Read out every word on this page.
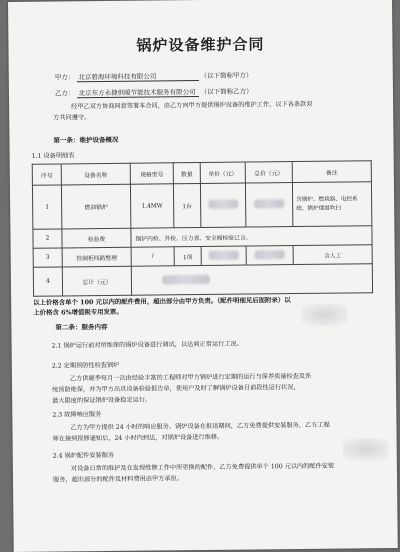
锅炉设备维护合同
甲方： 北京碧海环境科技有限公司	（以下简称甲方）
乙方： 北京东方永捷供暖节能技术服务有限公司 （以下简称乙方）
经甲乙双方协商同意签署本合同，由乙方向甲方提供锅炉设备的维护工作，以下各条款双
方共同遵守。
第一条：维护设备概况
1.1 设备明细表
序号	设备名称	规格型号	数量	单价（元）	总价（元）	备注
1	燃油锅炉	1.4MW	1台			含锅炉、燃烧器、电控系
统、锅炉烟道吹扫

2	检验费	锅炉内检、外检、压力表、安全阀检验已含。				
3	控制柜线路整理	/	1项			含人工
4	总计（元）					
以上价格含单个 100 元以内的配件费用，超出部分由甲方负责。（配件明细见后面附录）以
上价格含 6%增值税专用发票。
第二条：服务内容
2.1 锅炉运行前对所维保的锅炉设备进行调试，以达到正常运行工况。
2.2 定期预防性检查锅炉
乙方供暖季每月一次由经验丰富的工程师对甲方锅炉进行定期的运行与保养质量检查及系
统预防维保，并为甲方出具设备检验报告单，使用户及时了解锅炉设备目前段性运行状况，
最大限度的保证锅炉设备稳定运行。
2.3 故障响应服务
乙方为甲方提供 24 小时的响应服务。锅炉设备在报送期间，乙方免费提供安装服务，乙方工程
师在接到报修通知后，24 小时内到达，对锅炉设备进行维修。
2.4 锅炉配件安装服务
对设备日常的维护及在发现维修工作中所更换的配件，乙方免费提供单个 100 元以内的配件安装
服务，超出部分的配件及材料费用由甲方承担。
